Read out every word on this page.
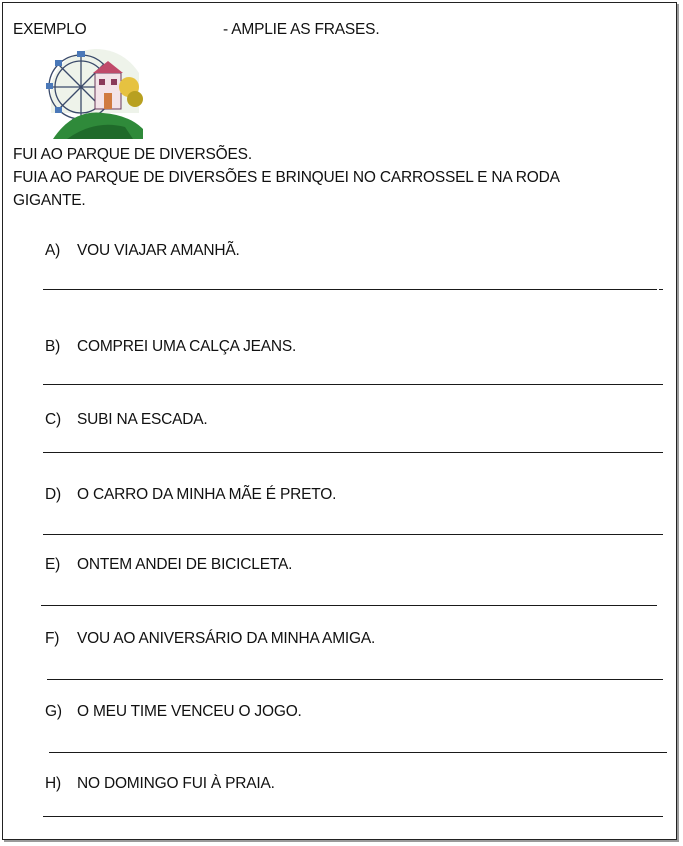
EXEMPLO	- AMPLIE AS FRASES.
FUI AO PARQUE DE DIVERSÕES.
FUIA AO PARQUE DE DIVERSÕES E BRINQUEI NO CARROSSEL E NA RODA
GIGANTE.
A) VOU VIAJAR AMANHÃ.
B) COMPREI UMA CALÇA JEANS.
C) SUBI NA ESCADA.
D) O CARRO DA MINHA MÃE É PRETO.
E) ONTEM ANDEI DE BICICLETA.
F) VOU AO ANIVERSÁRIO DA MINHA AMIGA.
G) O MEU TIME VENCEU O JOGO.
H) NO DOMINGO FUI À PRAIA.
